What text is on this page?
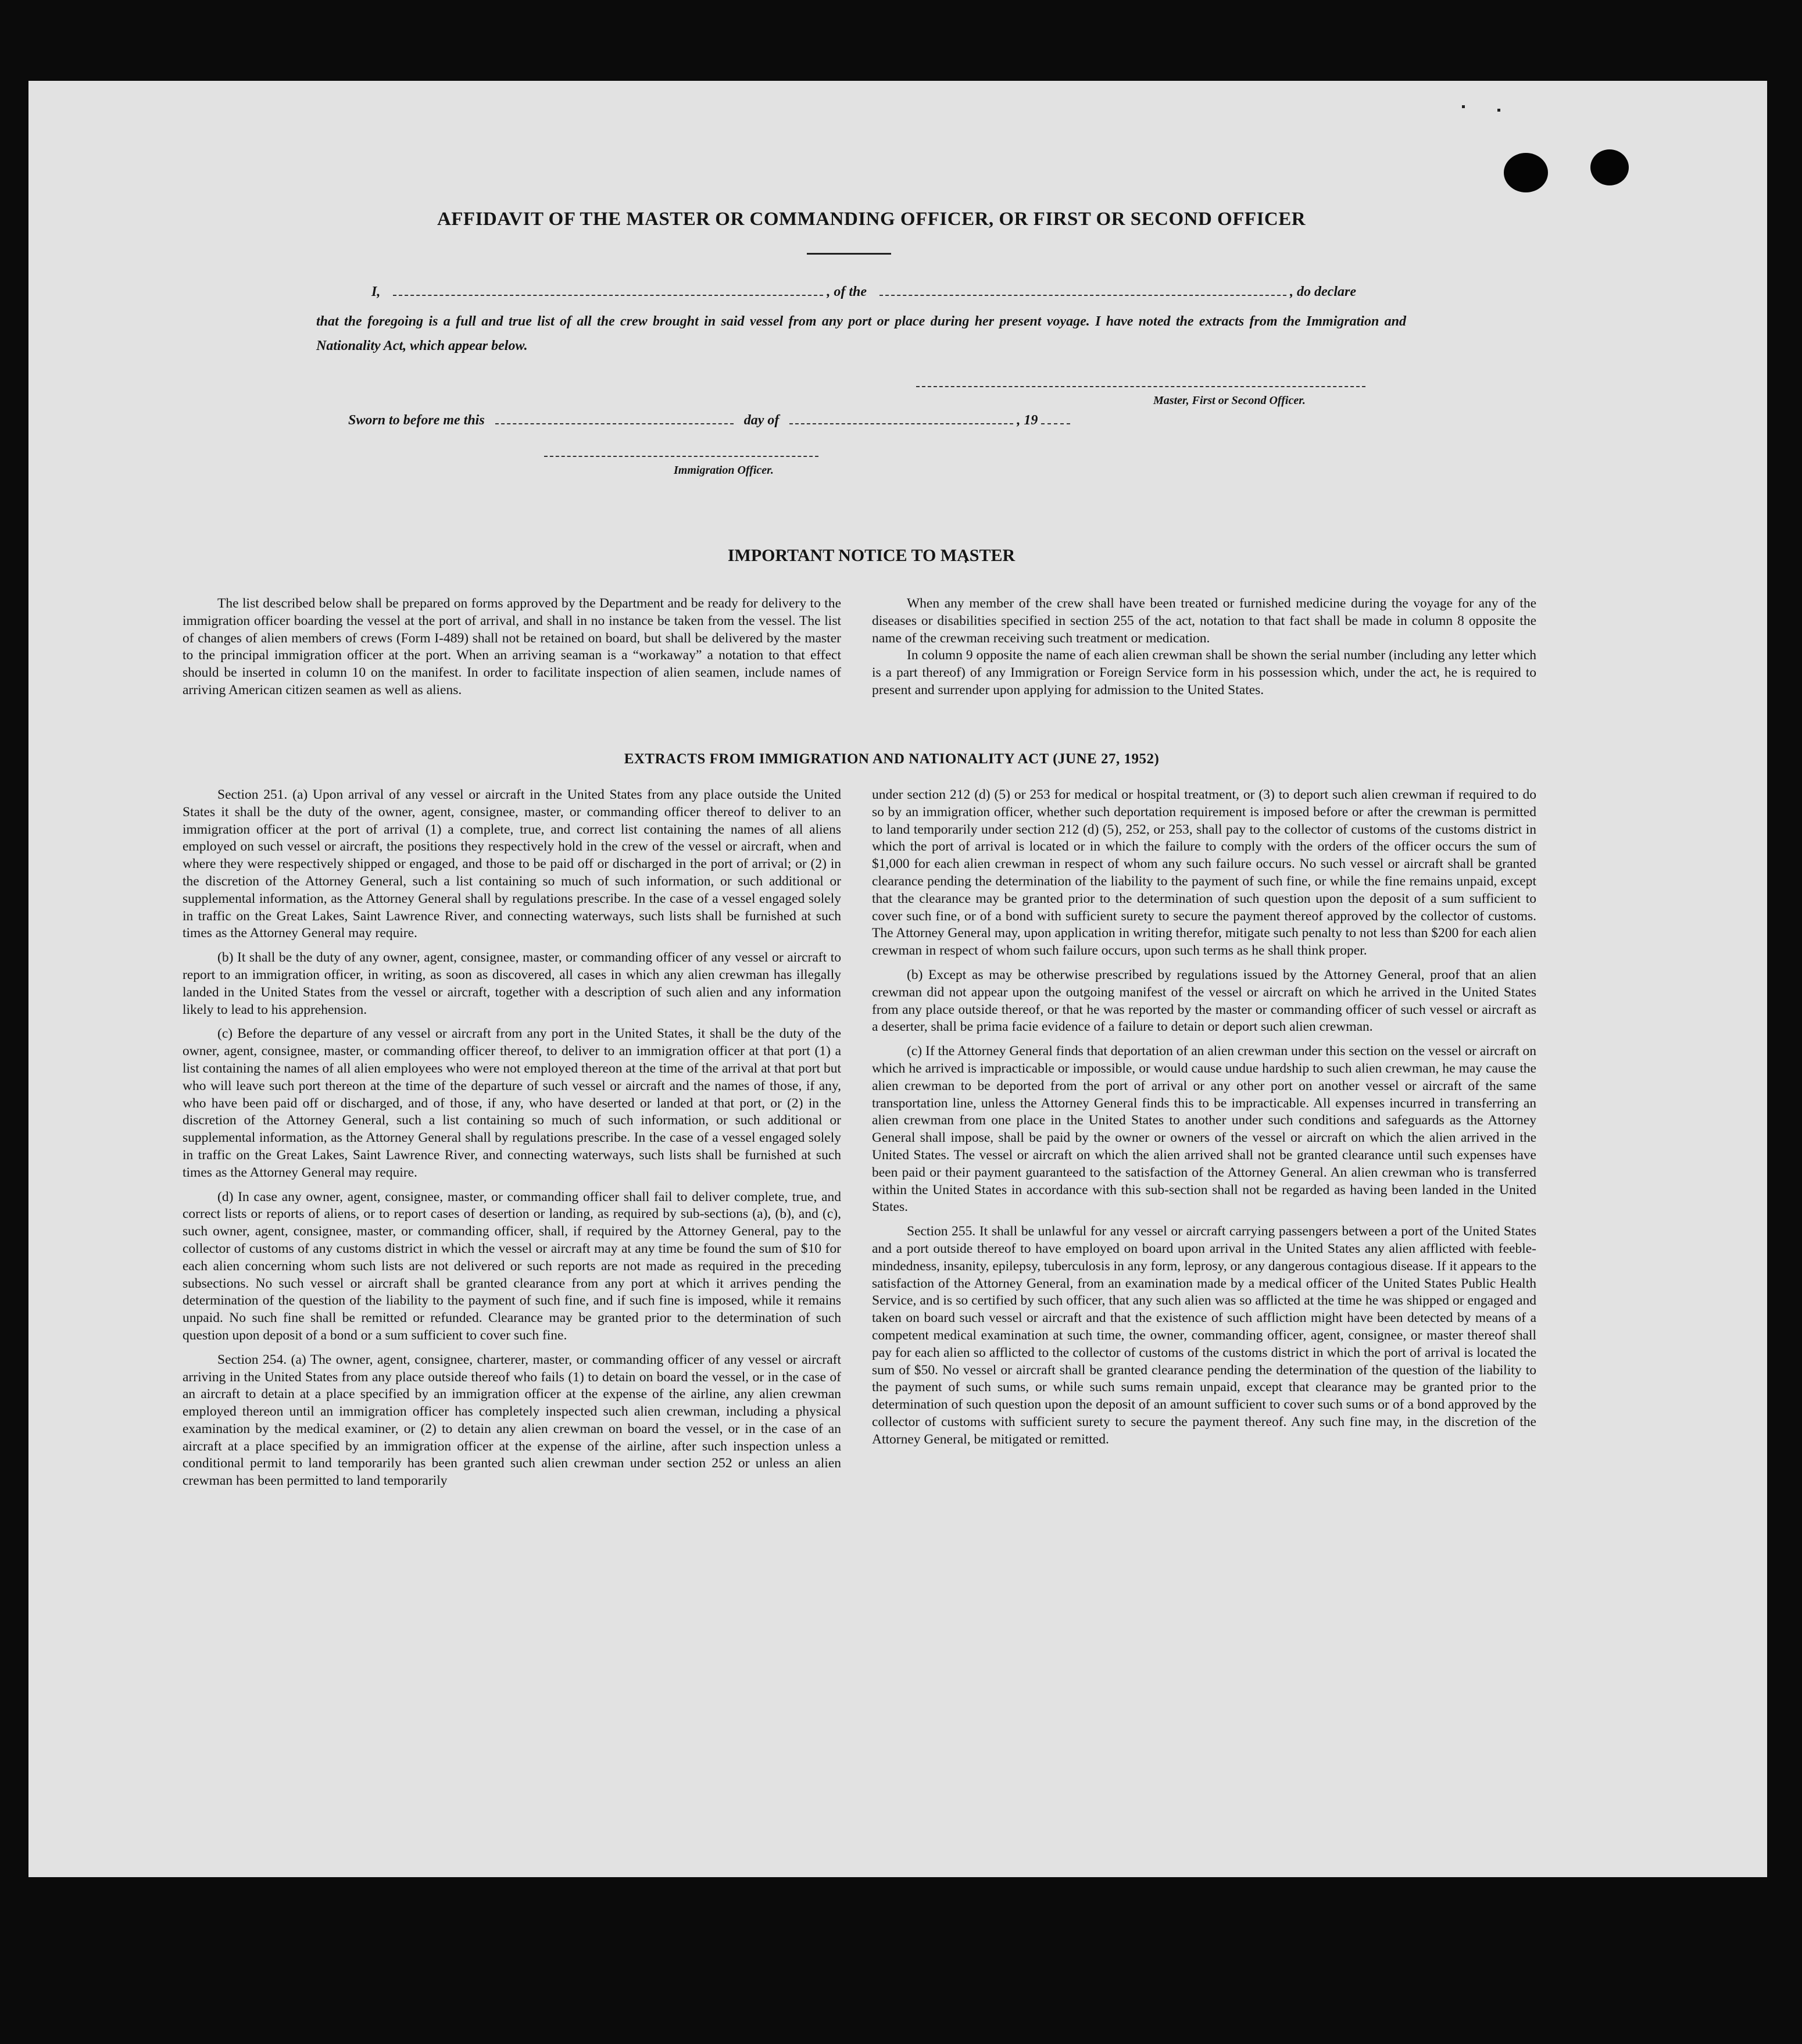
AFFIDAVIT OF THE MASTER OR COMMANDING OFFICER, OR FIRST OR SECOND OFFICER
I,	, of the	, do declare
that the foregoing is a full and true list of all the crew brought in said vessel from any port or place during her present voyage. I have noted the extracts from the Immigration and Nationality Act, which appear below.
Master, First or Second Officer.
Sworn to before me this	day of	, 19
Immigration Officer.
IMPORTANT NOTICE TO MASTER

The list described below shall be prepared on forms approved by the Department and be ready for delivery to the immigration officer boarding the vessel at the port of arrival, and shall in no instance be taken from the vessel. The list of changes of alien members of crews (Form I-489) shall not be retained on board, but shall be delivered by the master to the principal immigration officer at the port. When an arriving seaman is a “workaway” a notation to that effect should be inserted in column 10 on the manifest. In order to facilitate inspection of alien seamen, include names of arriving American citizen seamen as well as aliens.

When any member of the crew shall have been treated or furnished medicine during the voyage for any of the diseases or disabilities specified in section 255 of the act, notation to that fact shall be made in column 8 opposite the name of the crewman receiving such treatment or medication.

In column 9 opposite the name of each alien crewman shall be shown the serial number (including any letter which is a part thereof) of any Immigration or Foreign Service form in his possession which, under the act, he is required to present and surrender upon applying for admission to the United States.

EXTRACTS FROM IMMIGRATION AND NATIONALITY ACT (JUNE 27, 1952)

Section 251. (a) Upon arrival of any vessel or aircraft in the United States from any place outside the United States it shall be the duty of the owner, agent, consignee, master, or commanding officer thereof to deliver to an immigration officer at the port of arrival (1) a complete, true, and correct list containing the names of all aliens employed on such vessel or aircraft, the positions they respectively hold in the crew of the vessel or aircraft, when and where they were respectively shipped or engaged, and those to be paid off or discharged in the port of arrival; or (2) in the discretion of the Attorney General, such a list containing so much of such information, or such additional or supplemental information, as the Attorney General shall by regulations prescribe. In the case of a vessel engaged solely in traffic on the Great Lakes, Saint Lawrence River, and connecting waterways, such lists shall be furnished at such times as the Attorney General may require.

(b) It shall be the duty of any owner, agent, consignee, master, or commanding officer of any vessel or aircraft to report to an immigration officer, in writing, as soon as discovered, all cases in which any alien crewman has illegally landed in the United States from the vessel or aircraft, together with a description of such alien and any information likely to lead to his apprehension.

(c) Before the departure of any vessel or aircraft from any port in the United States, it shall be the duty of the owner, agent, consignee, master, or commanding officer thereof, to deliver to an immigration officer at that port (1) a list containing the names of all alien employees who were not employed thereon at the time of the arrival at that port but who will leave such port thereon at the time of the departure of such vessel or aircraft and the names of those, if any, who have been paid off or discharged, and of those, if any, who have deserted or landed at that port, or (2) in the discretion of the Attorney General, such a list containing so much of such information, or such additional or supplemental information, as the Attorney General shall by regulations prescribe. In the case of a vessel engaged solely in traffic on the Great Lakes, Saint Lawrence River, and connecting waterways, such lists shall be furnished at such times as the Attorney General may require.

(d) In case any owner, agent, consignee, master, or commanding officer shall fail to deliver complete, true, and correct lists or reports of aliens, or to report cases of desertion or landing, as required by sub-sections (a), (b), and (c), such owner, agent, consignee, master, or commanding officer, shall, if required by the Attorney General, pay to the collector of customs of any customs district in which the vessel or aircraft may at any time be found the sum of $10 for each alien concerning whom such lists are not delivered or such reports are not made as required in the preceding subsections. No such vessel or aircraft shall be granted clearance from any port at which it arrives pending the determination of the question of the liability to the payment of such fine, and if such fine is imposed, while it remains unpaid. No such fine shall be remitted or refunded. Clearance may be granted prior to the determination of such question upon deposit of a bond or a sum sufficient to cover such fine.

Section 254. (a) The owner, agent, consignee, charterer, master, or commanding officer of any vessel or aircraft arriving in the United States from any place outside thereof who fails (1) to detain on board the vessel, or in the case of an aircraft to detain at a place specified by an immigration officer at the expense of the airline, any alien crewman employed thereon until an immigration officer has completely inspected such alien crewman, including a physical examination by the medical examiner, or (2) to detain any alien crewman on board the vessel, or in the case of an aircraft at a place specified by an immigration officer at the expense of the airline, after such inspection unless a conditional permit to land temporarily has been granted such alien crewman under section 252 or unless an alien crewman has been permitted to land temporarily

under section 212 (d) (5) or 253 for medical or hospital treatment, or (3) to deport such alien crewman if required to do so by an immigration officer, whether such deportation requirement is imposed before or after the crewman is permitted to land temporarily under section 212 (d) (5), 252, or 253, shall pay to the collector of customs of the customs district in which the port of arrival is located or in which the failure to comply with the orders of the officer occurs the sum of $1,000 for each alien crewman in respect of whom any such failure occurs. No such vessel or aircraft shall be granted clearance pending the determination of the liability to the payment of such fine, or while the fine remains unpaid, except that the clearance may be granted prior to the determination of such question upon the deposit of a sum sufficient to cover such fine, or of a bond with sufficient surety to secure the payment thereof approved by the collector of customs. The Attorney General may, upon application in writing therefor, mitigate such penalty to not less than $200 for each alien crewman in respect of whom such failure occurs, upon such terms as he shall think proper.

(b) Except as may be otherwise prescribed by regulations issued by the Attorney General, proof that an alien crewman did not appear upon the outgoing manifest of the vessel or aircraft on which he arrived in the United States from any place outside thereof, or that he was reported by the master or commanding officer of such vessel or aircraft as a deserter, shall be prima facie evidence of a failure to detain or deport such alien crewman.

(c) If the Attorney General finds that deportation of an alien crewman under this section on the vessel or aircraft on which he arrived is impracticable or impossible, or would cause undue hardship to such alien crewman, he may cause the alien crewman to be deported from the port of arrival or any other port on another vessel or aircraft of the same transportation line, unless the Attorney General finds this to be impracticable. All expenses incurred in transferring an alien crewman from one place in the United States to another under such conditions and safeguards as the Attorney General shall impose, shall be paid by the owner or owners of the vessel or aircraft on which the alien arrived in the United States. The vessel or aircraft on which the alien arrived shall not be granted clearance until such expenses have been paid or their payment guaranteed to the satisfaction of the Attorney General. An alien crewman who is transferred within the United States in accordance with this sub-section shall not be regarded as having been landed in the United States.

Section 255. It shall be unlawful for any vessel or aircraft carrying passengers between a port of the United States and a port outside thereof to have employed on board upon arrival in the United States any alien afflicted with feeble-mindedness, insanity, epilepsy, tuberculosis in any form, leprosy, or any dangerous contagious disease. If it appears to the satisfaction of the Attorney General, from an examination made by a medical officer of the United States Public Health Service, and is so certified by such officer, that any such alien was so afflicted at the time he was shipped or engaged and taken on board such vessel or aircraft and that the existence of such affliction might have been detected by means of a competent medical examination at such time, the owner, commanding officer, agent, consignee, or master thereof shall pay for each alien so afflicted to the collector of customs of the customs district in which the port of arrival is located the sum of $50. No vessel or aircraft shall be granted clearance pending the determination of the question of the liability to the payment of such sums, or while such sums remain unpaid, except that clearance may be granted prior to the determination of such question upon the deposit of an amount sufficient to cover such sums or of a bond approved by the collector of customs with sufficient surety to secure the payment thereof. Any such fine may, in the discretion of the Attorney General, be mitigated or remitted.
